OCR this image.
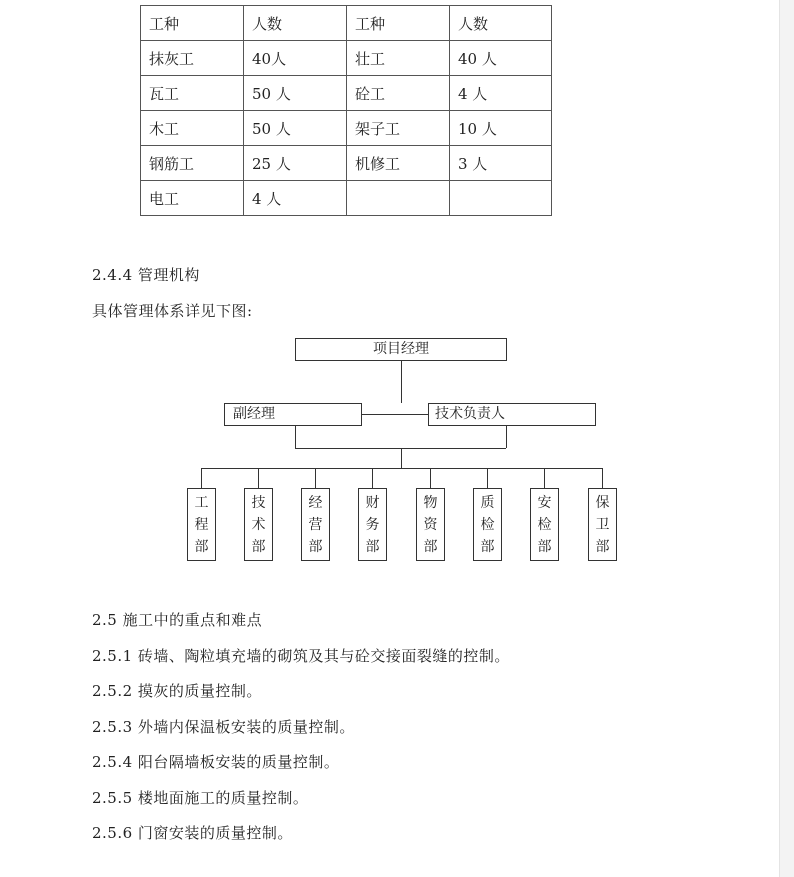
工种	人数	工种	人数
抹灰工	40人	壮工	40 人
瓦工	50 人	砼工	4 人
木工	50 人	架子工	10 人
钢筋工	25 人	机修工	3 人
电工	4 人		
2.4.4 管理机构
具体管理体系详见下图:
项目经理
副经理	技术负责人
工
程
部
技
术
部
经
营
部
财
务
部
物
资
部
质
检
部
安
检
部
保
卫
部
2.5 施工中的重点和难点
2.5.1 砖墙、陶粒填充墙的砌筑及其与砼交接面裂缝的控制。
2.5.2 摸灰的质量控制。
2.5.3 外墙内保温板安装的质量控制。
2.5.4 阳台隔墙板安装的质量控制。
2.5.5 楼地面施工的质量控制。
2.5.6 门窗安装的质量控制。
